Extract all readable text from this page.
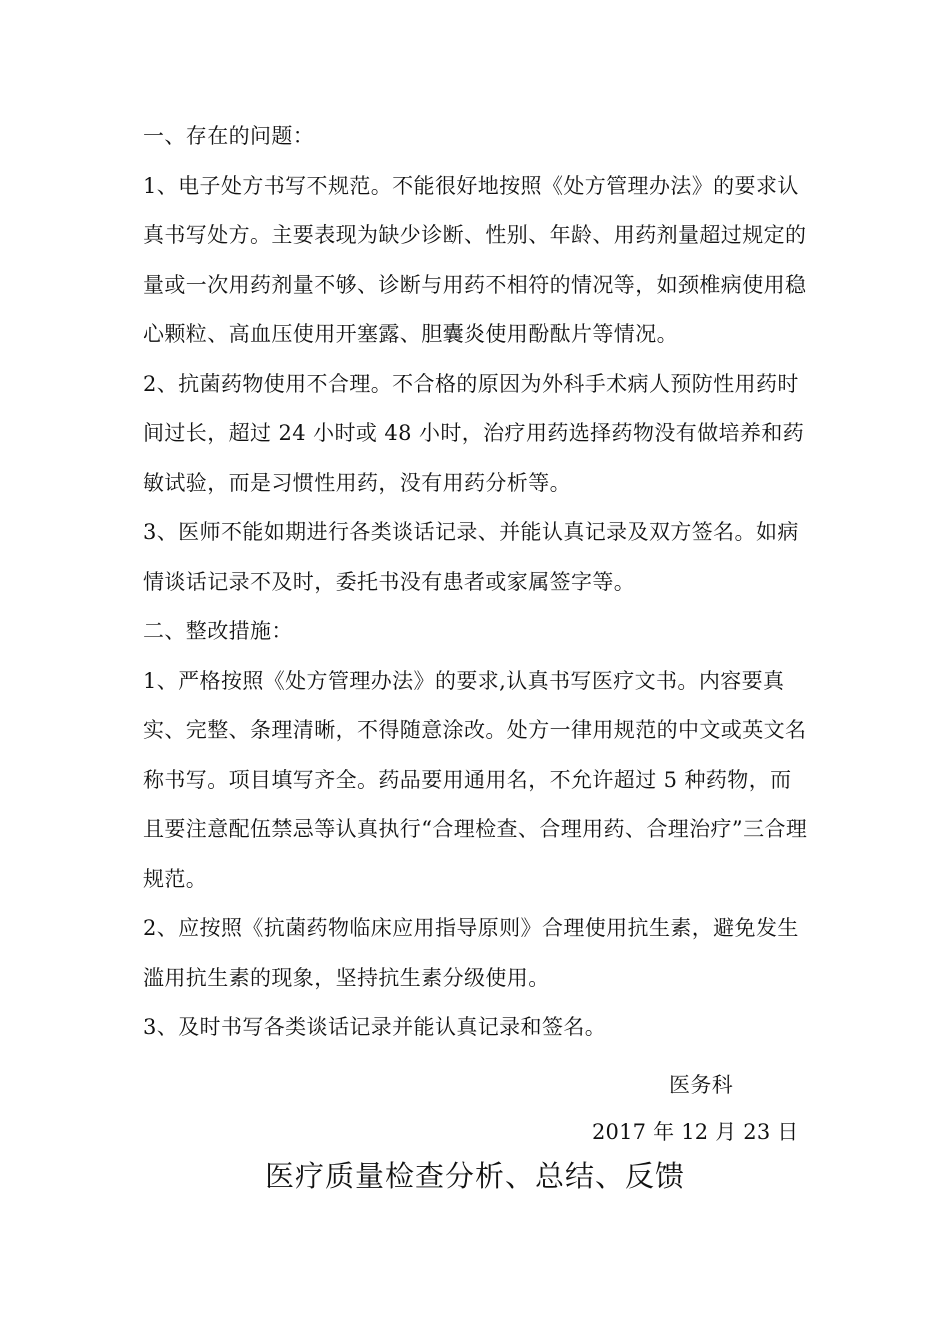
一、存在的问题：

1、电子处方书写不规范。不能很好地按照《处方管理办法》的要求认真书写处方。主要表现为缺少诊断、性别、年龄、用药剂量超过规定的量或一次用药剂量不够、诊断与用药不相符的情况等，如颈椎病使用稳心颗粒、高血压使用开塞露、胆囊炎使用酚酞片等情况。

2、抗菌药物使用不合理。不合格的原因为外科手术病人预防性用药时间过长，超过 24 小时或 48 小时，治疗用药选择药物没有做培养和药敏试验，而是习惯性用药，没有用药分析等。

3、医师不能如期进行各类谈话记录、并能认真记录及双方签名。如病情谈话记录不及时，委托书没有患者或家属签字等。

二、整改措施：

1、严格按照《处方管理办法》的要求,认真书写医疗文书。内容要真实、完整、条理清晰，不得随意涂改。处方一律用规范的中文或英文名称书写。项目填写齐全。药品要用通用名，不允许超过 5 种药物，而且要注意配伍禁忌等认真执行“合理检查、合理用药、合理治疗”三合理规范。

2、应按照《抗菌药物临床应用指导原则》合理使用抗生素，避免发生滥用抗生素的现象，坚持抗生素分级使用。

3、及时书写各类谈话记录并能认真记录和签名。

医务科
2017 年 12 月 23 日
医疗质量检查分析、总结、反馈
